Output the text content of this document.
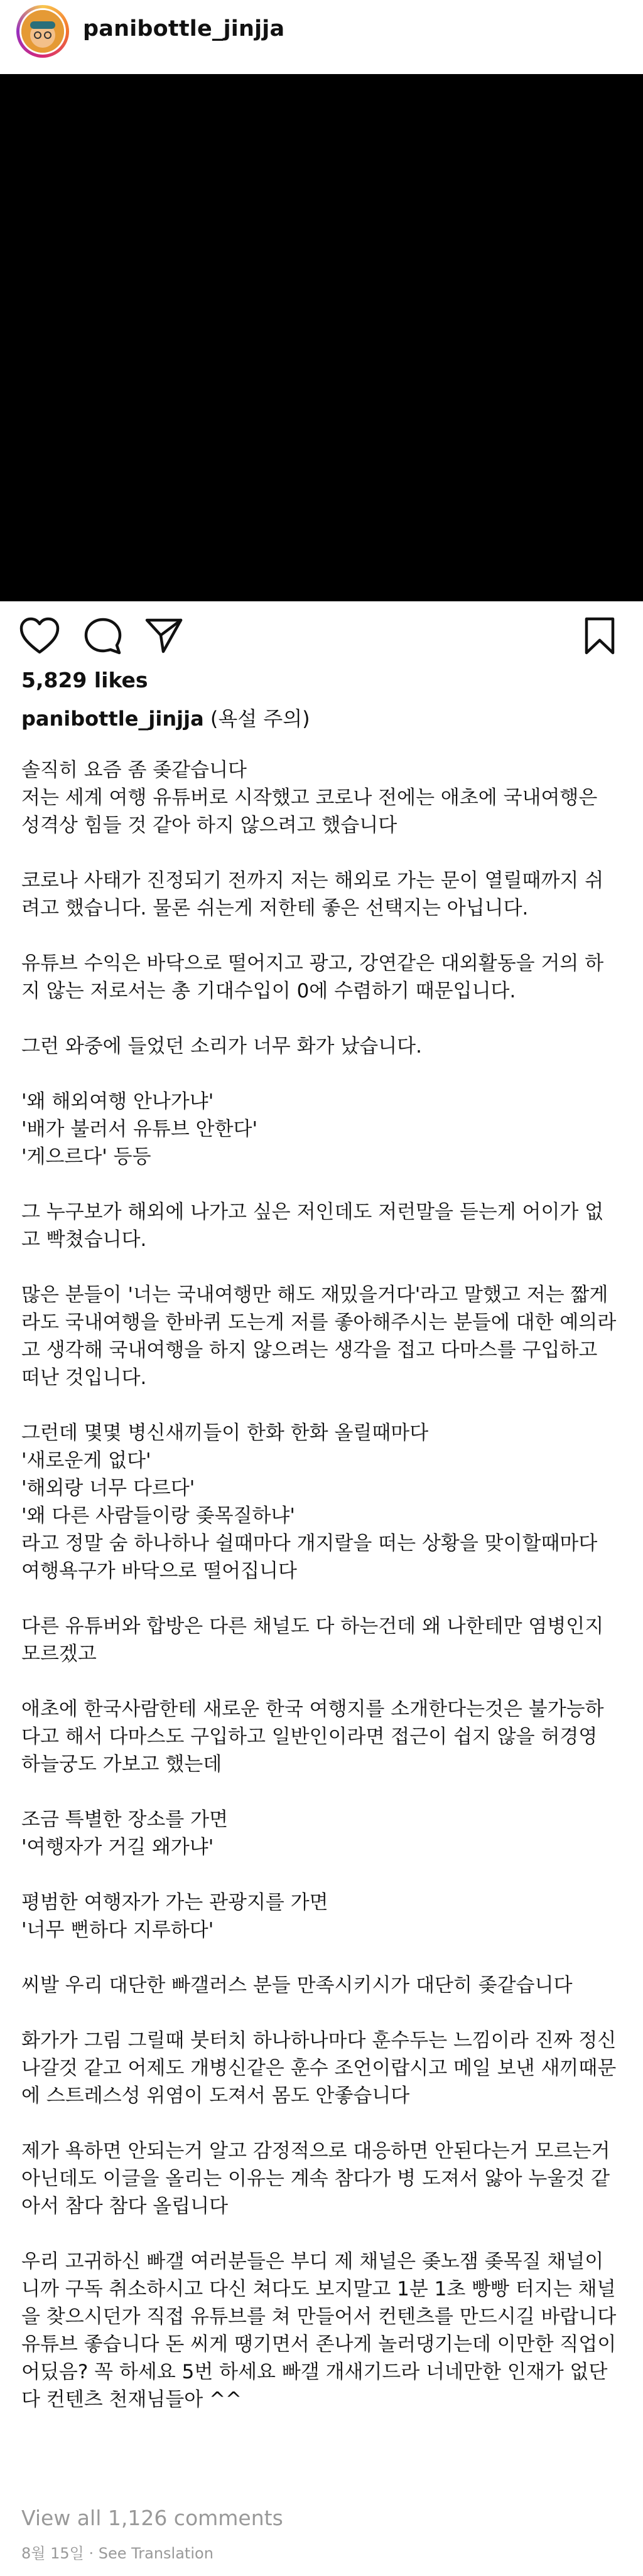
panibottle_jinjja
5,829 likes
panibottle_jinjja (욕설 주의)

솔직히 요즘 좀 좆같습니다
저는 세계 여행 유튜버로 시작했고 코로나 전에는 애초에 국내여행은 성격상 힘들 것 같아 하지 않으려고 했습니다

코로나 사태가 진정되기 전까지 저는 해외로 가는 문이 열릴때까지 쉬려고 했습니다. 물론 쉬는게 저한테 좋은 선택지는 아닙니다.

유튜브 수익은 바닥으로 떨어지고 광고, 강연같은 대외활동을 거의 하지 않는 저로서는 총 기대수입이 0에 수렴하기 때문입니다.

그런 와중에 들었던 소리가 너무 화가 났습니다.

'왜 해외여행 안나가냐'
'배가 불러서 유튜브 안한다'
'게으르다' 등등

그 누구보가 해외에 나가고 싶은 저인데도 저런말을 듣는게 어이가 없고 빡쳤습니다.

많은 분들이 '너는 국내여행만 해도 재밌을거다'라고 말했고 저는 짧게라도 국내여행을 한바퀴 도는게 저를 좋아해주시는 분들에 대한 예의라고 생각해 국내여행을 하지 않으려는 생각을 접고 다마스를 구입하고 떠난 것입니다.

그런데 몇몇 병신새끼들이 한화 한화 올릴때마다
'새로운게 없다'
'해외랑 너무 다르다'
'왜 다른 사람들이랑 좆목질하냐'
라고 정말 숨 하나하나 쉴때마다 개지랄을 떠는 상황을 맞이할때마다 여행욕구가 바닥으로 떨어집니다

다른 유튜버와 합방은 다른 채널도 다 하는건데 왜 나한테만 염병인지 모르겠고

애초에 한국사람한테 새로운 한국 여행지를 소개한다는것은 불가능하다고 해서 다마스도 구입하고 일반인이라면 접근이 쉽지 않을 허경영 하늘궁도 가보고 했는데

조금 특별한 장소를 가면
'여행자가 거길 왜가냐'

평범한 여행자가 가는 관광지를 가면
'너무 뻔하다 지루하다'

씨발 우리 대단한 빠갤러스 분들 만족시키시가 대단히 좆같습니다

화가가 그림 그릴때 붓터치 하나하나마다 훈수두는 느낌이라 진짜 정신 나갈것 같고 어제도 개병신같은 훈수 조언이랍시고 메일 보낸 새끼때문에 스트레스성 위염이 도져서 몸도 안좋습니다

제가 욕하면 안되는거 알고 감정적으로 대응하면 안된다는거 모르는거 아닌데도 이글을 올리는 이유는 계속 참다가 병 도져서 앓아 누울것 같아서 참다 참다 올립니다

우리 고귀하신 빠갤 여러분들은 부디 제 채널은 좆노잼 좆목질 채널이니까 구독 취소하시고 다신 쳐다도 보지말고 1분 1초 빵빵 터지는 채널을 찾으시던가 직접 유튜브를 쳐 만들어서 컨텐츠를 만드시길 바랍니다
유튜브 좋습니다 돈 씨게 땡기면서 존나게 놀러댕기는데 이만한 직업이 어딨음? 꼭 하세요 5번 하세요 빠갤 개새기드라 너네만한 인재가 없단다 컨텐츠 천재님들아 ^^

View all 1,126 comments
8월 15일 · See Translation
